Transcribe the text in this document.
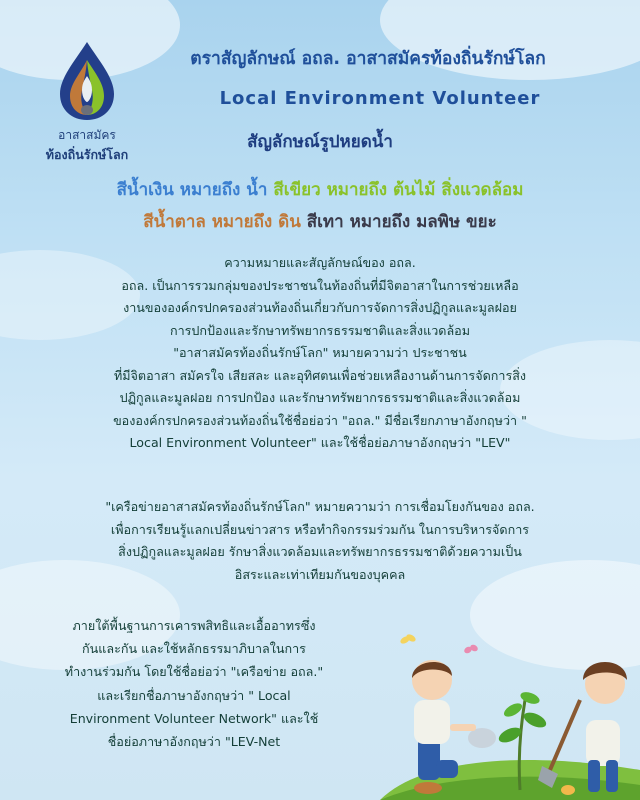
อาสาสมัคร
ท้องถิ่นรักษ์โลก
ตราสัญลักษณ์ อถล. อาสาสมัครท้องถิ่นรักษ์โลก
Local Environment Volunteer
สัญลักษณ์รูปหยดน้ำ
สีน้ำเงิน หมายถึง น้ำ สีเขียว หมายถึง ต้นไม้ สิ่งแวดล้อม
สีน้ำตาล หมายถึง ดิน สีเทา หมายถึง มลพิษ ขยะ
ความหมายและสัญลักษณ์ของ อถล.
อถล. เป็นการรวมกลุ่มของประชาชนในท้องถิ่นที่มีจิตอาสาในการช่วยเหลือ
งานขององค์กรปกครองส่วนท้องถิ่นเกี่ยวกับการจัดการสิ่งปฏิกูลและมูลฝอย
การปกป้องและรักษาทรัพยากรธรรมชาติและสิ่งแวดล้อม
"อาสาสมัครท้องถิ่นรักษ์โลก" หมายความว่า ประชาชน
ที่มีจิตอาสา สมัครใจ เสียสละ และอุทิศตนเพื่อช่วยเหลืองานด้านการจัดการสิ่ง
ปฏิกูลและมูลฝอย การปกป้อง และรักษาทรัพยากรธรรมชาติและสิ่งแวดล้อม
ขององค์กรปกครองส่วนท้องถิ่นใช้ชื่อย่อว่า "อถล." มีชื่อเรียกภาษาอังกฤษว่า "
Local Environment Volunteer" และใช้ชื่อย่อภาษาอังกฤษว่า "LEV"
"เครือข่ายอาสาสมัครท้องถิ่นรักษ์โลก" หมายความว่า การเชื่อมโยงกันของ อถล.
เพื่อการเรียนรู้แลกเปลี่ยนข่าวสาร หรือทำกิจกรรมร่วมกัน ในการบริหารจัดการ
สิ่งปฏิกูลและมูลฝอย รักษาสิ่งแวดล้อมและทรัพยากรธรรมชาติด้วยความเป็น
อิสระและเท่าเทียมกันของบุคคล
ภายใต้พื้นฐานการเคารพสิทธิและเอื้ออาทรซึ่ง
กันและกัน และใช้หลักธรรมาภิบาลในการ
ทำงานร่วมกัน โดยใช้ชื่อย่อว่า "เครือข่าย อถล."
และเรียกชื่อภาษาอังกฤษว่า " Local
Environment Volunteer Network" และใช้
ชื่อย่อภาษาอังกฤษว่า "LEV-Net
